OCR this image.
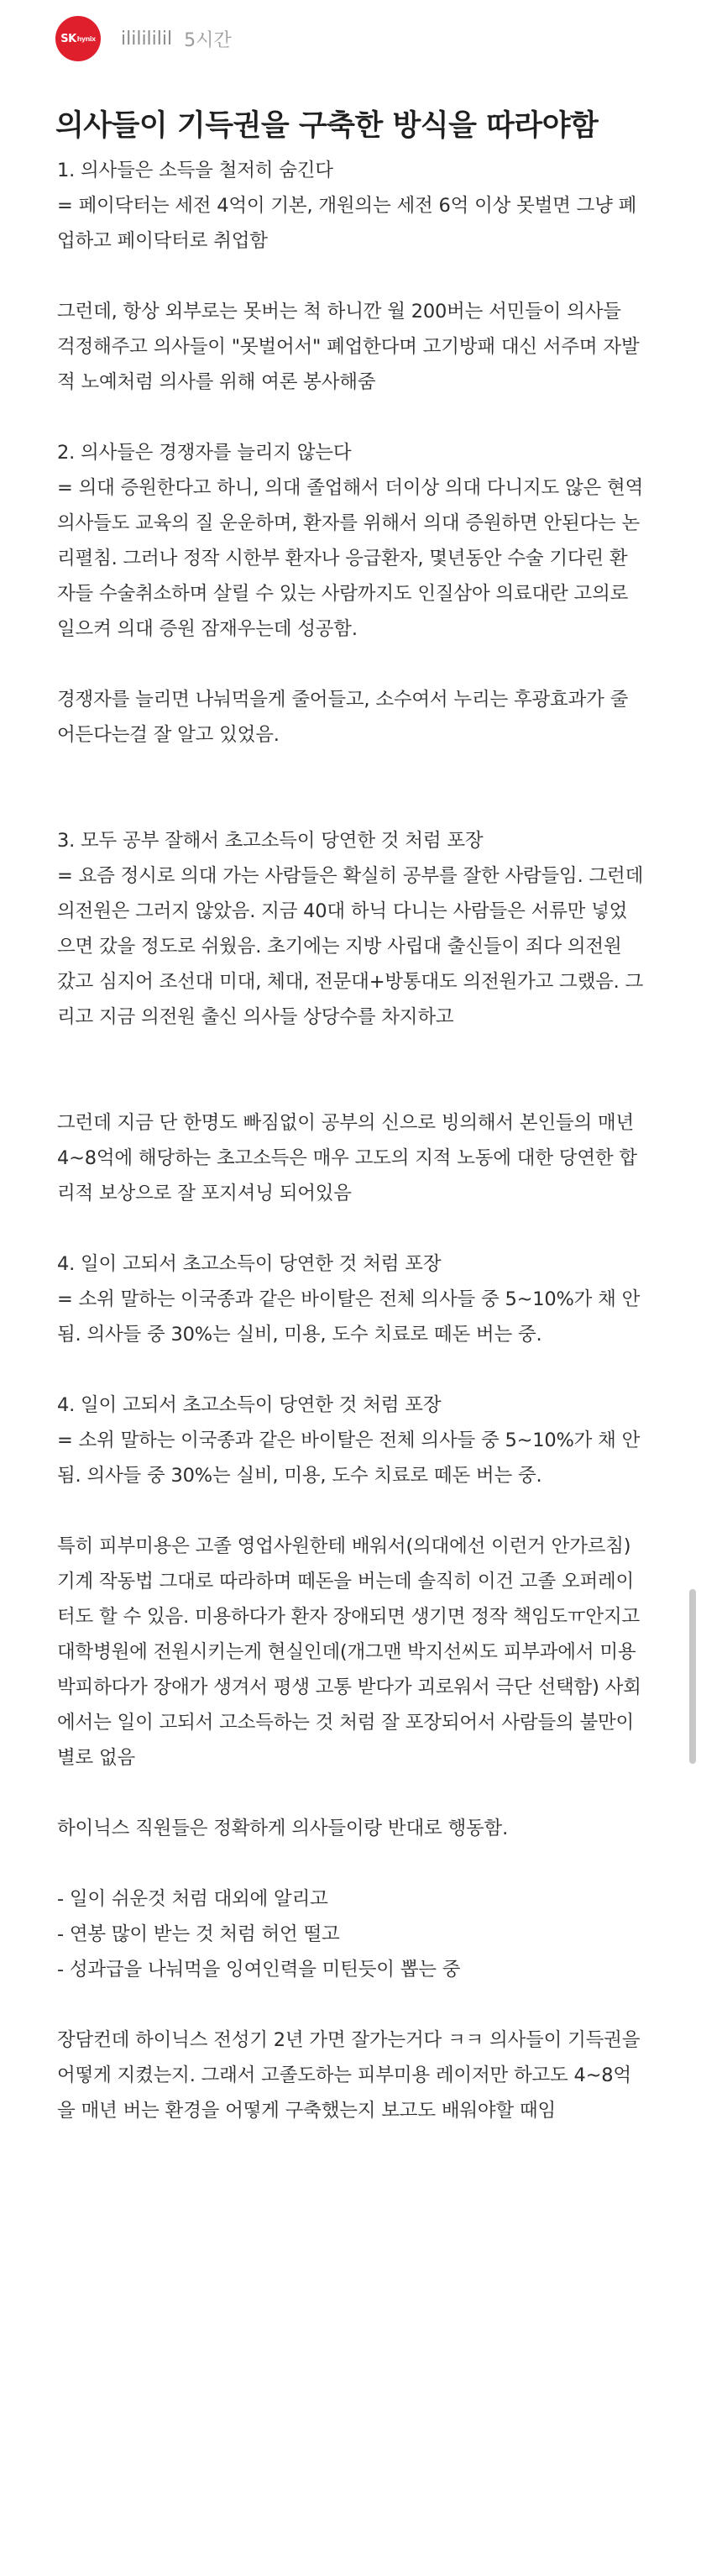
SK hynix ililililil 5시간
의사들이 기득권을 구축한 방식을 따라야함
1. 의사들은 소득을 철저히 숨긴다
= 페이닥터는 세전 4억이 기본, 개원의는 세전 6억 이상 못벌면 그냥 폐업하고 페이닥터로 취업함
그런데, 항상 외부로는 못버는 척 하니깐 월 200버는 서민들이 의사들 걱정해주고 의사들이 "못벌어서" 폐업한다며 고기방패 대신 서주며 자발적 노예처럼 의사를 위해 여론 봉사해줌
2. 의사들은 경쟁자를 늘리지 않는다
= 의대 증원한다고 하니, 의대 졸업해서 더이상 의대 다니지도 않은 현역 의사들도 교육의 질 운운하며, 환자를 위해서 의대 증원하면 안된다는 논리펼침. 그러나 정작 시한부 환자나 응급환자, 몇년동안 수술 기다린 환자들 수술취소하며 살릴 수 있는 사람까지도 인질삼아 의료대란 고의로 일으켜 의대 증원 잠재우는데 성공함.
경쟁자를 늘리면 나눠먹을게 줄어들고, 소수여서 누리는 후광효과가 줄어든다는걸 잘 알고 있었음.
3. 모두 공부 잘해서 초고소득이 당연한 것 처럼 포장
= 요즘 정시로 의대 가는 사람들은 확실히 공부를 잘한 사람들임. 그런데 의전원은 그러지 않았음. 지금 40대 하닉 다니는 사람들은 서류만 넣었으면 갔을 정도로 쉬웠음. 초기에는 지방 사립대 출신들이 죄다 의전원 갔고 심지어 조선대 미대, 체대, 전문대+방통대도 의전원가고 그랬음. 그리고 지금 의전원 출신 의사들 상당수를 차지하고
그런데 지금 단 한명도 빠짐없이 공부의 신으로 빙의해서 본인들의 매년 4~8억에 해당하는 초고소득은 매우 고도의 지적 노동에 대한 당연한 합리적 보상으로 잘 포지셔닝 되어있음
4. 일이 고되서 초고소득이 당연한 것 처럼 포장
= 소위 말하는 이국종과 같은 바이탈은 전체 의사들 중 5~10%가 채 안됨. 의사들 중 30%는 실비, 미용, 도수 치료로 떼돈 버는 중.
4. 일이 고되서 초고소득이 당연한 것 처럼 포장
= 소위 말하는 이국종과 같은 바이탈은 전체 의사들 중 5~10%가 채 안됨. 의사들 중 30%는 실비, 미용, 도수 치료로 떼돈 버는 중.
특히 피부미용은 고졸 영업사원한테 배워서(의대에선 이런거 안가르침) 기계 작동법 그대로 따라하며 떼돈을 버는데 솔직히 이건 고졸 오퍼레이터도 할 수 있음. 미용하다가 환자 장애되면 생기면 정작 책임도ㅠ안지고 대학병원에 전원시키는게 현실인데(개그맨 박지선씨도 피부과에서 미용 박피하다가 장애가 생겨서 평생 고통 받다가 괴로워서 극단 선택함) 사회에서는 일이 고되서 고소득하는 것 처럼 잘 포장되어서 사람들의 불만이 별로 없음
하이닉스 직원들은 정확하게 의사들이랑 반대로 행동함.
- 일이 쉬운것 처럼 대외에 알리고
- 연봉 많이 받는 것 처럼 허언 떨고
- 성과급을 나눠먹을 잉여인력을 미틴듯이 뽑는 중
장담컨데 하이닉스 전성기 2년 가면 잘가는거다 ㅋㅋ 의사들이 기득권을 어떻게 지켰는지. 그래서 고졸도하는 피부미용 레이저만 하고도 4~8억을 매년 버는 환경을 어떻게 구축했는지 보고도 배워야할 때임
